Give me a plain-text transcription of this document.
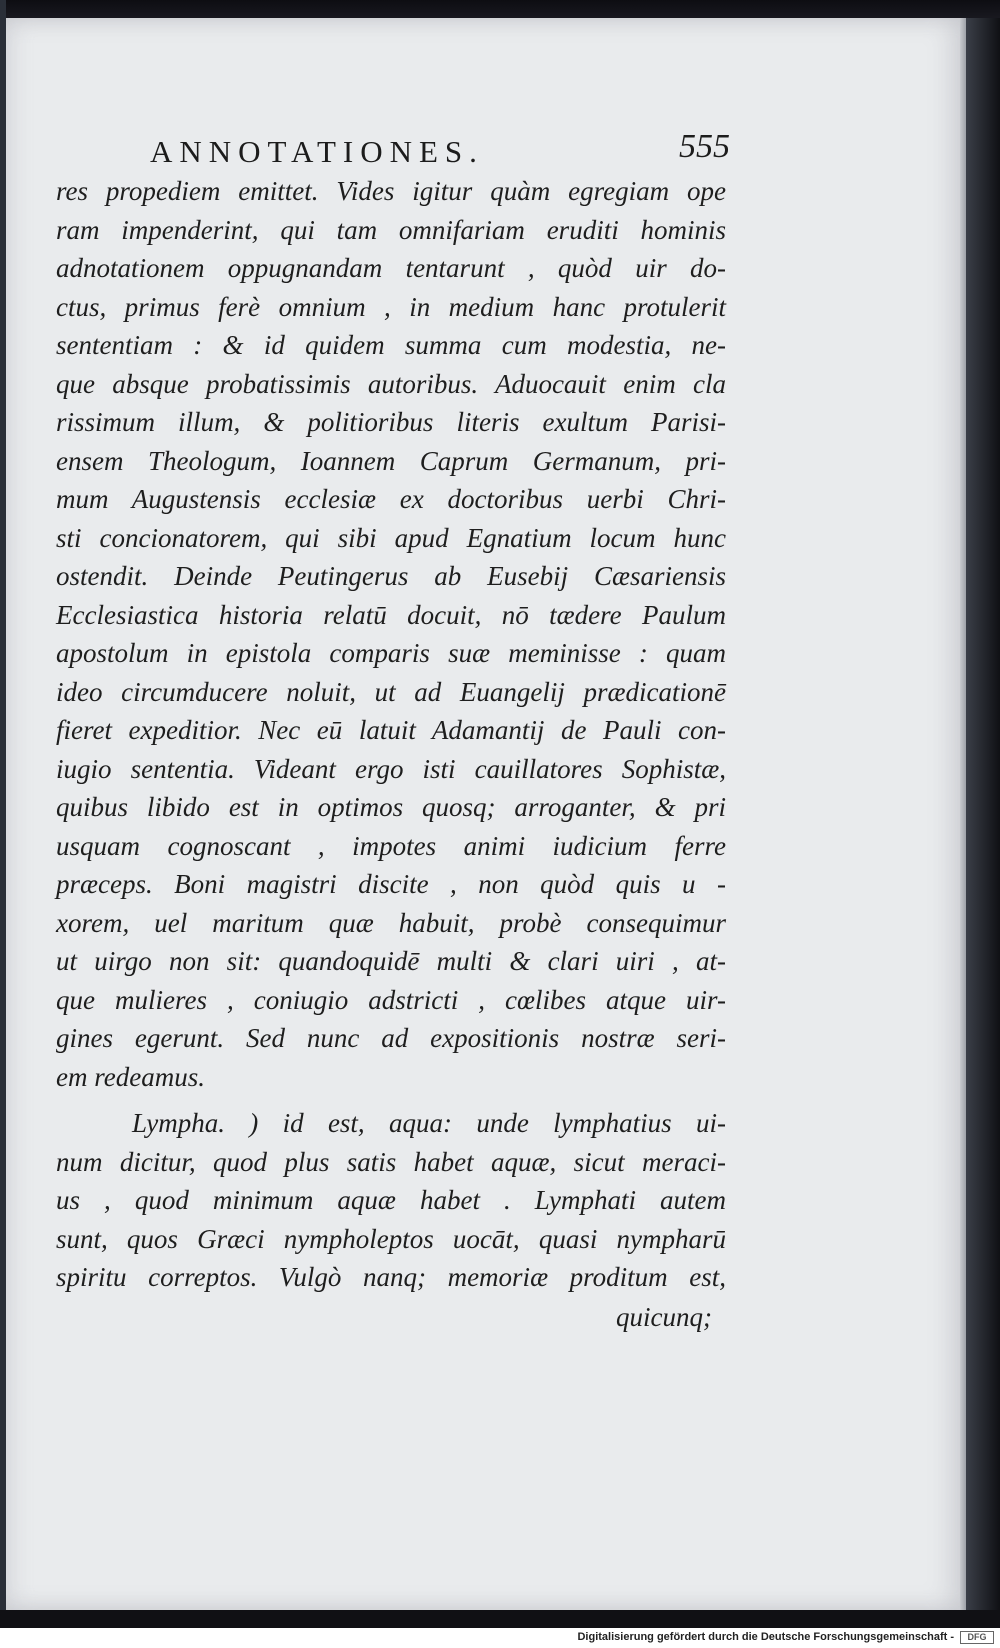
ANNOTATIONES.	555
res propediem emittet. Vides igitur quàm egregiam ope
ram impenderint, qui tam omnifariam eruditi hominis
adnotationem oppugnandam tentarunt , quòd uir do-
ctus, primus ferè omnium , in medium hanc protulerit
sententiam : & id quidem summa cum modestia, ne-
que absque probatissimis autoribus. Aduocauit enim cla
rissimum illum, & politioribus literis exultum Parisi-
ensem Theologum, Ioannem Caprum Germanum, pri-
mum Augustensis ecclesiæ ex doctoribus uerbi Chri-
sti concionatorem, qui sibi apud Egnatium locum hunc
ostendit. Deinde Peutingerus ab Eusebij Cæsariensis
Ecclesiastica historia relatū docuit, nō tædere Paulum
apostolum in epistola comparis suæ meminisse : quam
ideo circumducere noluit, ut ad Euangelij prædicationē
fieret expeditior. Nec eū latuit Adamantij de Pauli con-
iugio sententia. Videant ergo isti cauillatores Sophistæ,
quibus libido est in optimos quosq; arroganter, & pri
usquam cognoscant , impotes animi iudicium ferre
præceps. Boni magistri discite , non quòd quis u -
xorem, uel maritum quæ habuit, probè consequimur
ut uirgo non sit: quandoquidē multi & clari uiri , at-
que mulieres , coniugio adstricti , cœlibes atque uir-
gines egerunt. Sed nunc ad expositionis nostræ seri-
em redeamus.
Lympha. ) id est, aqua: unde lymphatius ui-
num dicitur, quod plus satis habet aquæ, sicut meraci-
us , quod minimum aquæ habet . Lymphati autem
sunt, quos Græci nympholeptos uocāt, quasi nympharū
spiritu correptos. Vulgò nanq; memoriæ proditum est,
quicunq;
Digitalisierung gefördert durch die Deutsche Forschungsgemeinschaft -	DFG
